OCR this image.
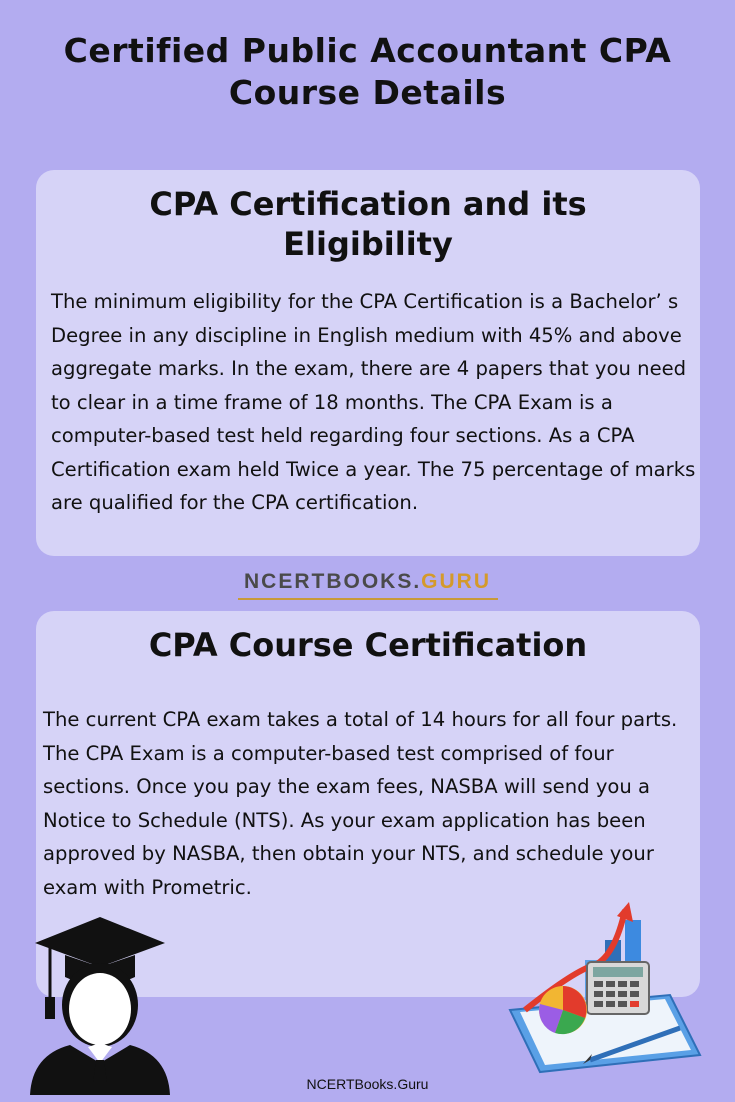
Certified Public Accountant CPA
Course Details
CPA Certification and its
Eligibility
The minimum eligibility for the CPA Certification is a Bachelor’ s Degree in any discipline in English medium with 45% and above aggregate marks. In the exam, there are 4 papers that you need to clear in a time frame of 18 months. The CPA Exam is a computer-based test held regarding four sections. As a CPA Certification exam held Twice a year. The 75 percentage of marks are qualified for the CPA certification.
NCERTBOOKS.GURU
CPA Course Certification
The current CPA exam takes a total of 14 hours for all four parts. The CPA Exam is a computer-based test comprised of four sections. Once you pay the exam fees, NASBA will send you a Notice to Schedule (NTS). As your exam application has been approved by NASBA, then obtain your NTS, and schedule your exam with Prometric.
NCERTBooks.Guru
